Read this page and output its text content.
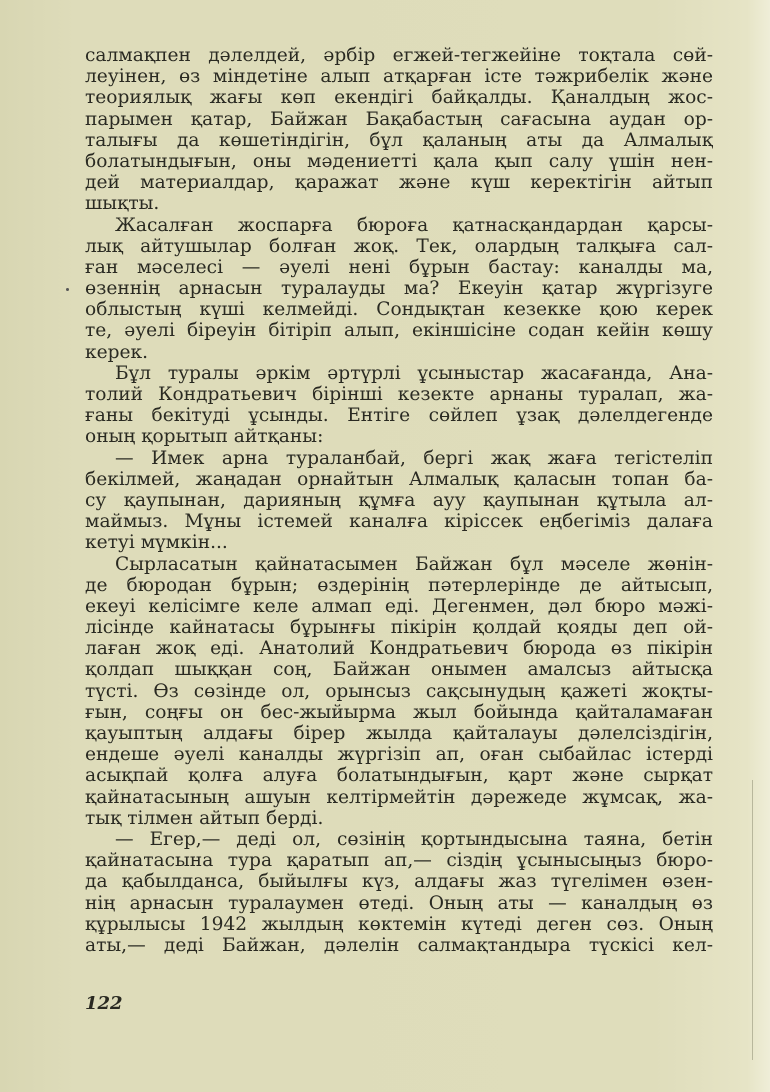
салмақпен дәлелдей, әрбір егжей-тегжейіне тоқтала сөй-
леуінен, өз міндетіне алып атқарған істе тәжрибелік және
теориялық жағы көп екендігі байқалды. Қаналдың жос-
парымен қатар, Байжан Бақабастың сағасына аудан ор-
талығы да көшетіндігін, бұл қаланың аты да Алмалық
болатындығын, оны мәдениетті қала қып салу үшін нен-
дей материалдар, қаражат және күш керектігін айтып
шықты.
Жасалған жоспарға бюроға қатнасқандардан қарсы-
лық айтушылар болған жоқ. Тек, олардың талқыға сал-
ған мәселесі — әуелі нені бұрын бастау: каналды ма,
өзеннің арнасын туралауды ма? Екеуін қатар жүргізуге
облыстың күші келмейді. Сондықтан кезекке қою керек
те, әуелі біреуін бітіріп алып, екіншісіне содан кейін көшу
керек.
Бұл туралы әркім әртүрлі ұсыныстар жасағанда, Ана-
толий Кондратьевич бірінші кезекте арнаны туралап, жа-
ғаны бекітуді ұсынды. Ентіге сөйлеп ұзақ дәлелдегенде
оның қорытып айтқаны:
— Имек арна тураланбай, бергі жақ жаға тегістеліп
бекілмей, жаңадан орнайтын Алмалық қаласын топан ба-
су қаупынан, дарияның құмға ауу қаупынан құтыла ал-
маймыз. Мұны істемей каналға кіріссек еңбегіміз далаға
кетуі мүмкін...
Сырласатын қайнатасымен Байжан бұл мәселе жөнін-
де бюродан бұрын; өздерінің пәтерлерінде де айтысып,
екеуі келісімге келе алмап еді. Дегенмен, дәл бюро мәжі-
лісінде кайнатасы бұрынғы пікірін қолдай қояды деп ой-
лаған жоқ еді. Анатолий Кондратьевич бюрода өз пікірін
қолдап шыққан соң, Байжан онымен амалсыз айтысқа
түсті. Өз сөзінде ол, орынсыз сақсынудың қажеті жоқты-
ғын, соңғы он бес-жыйырма жыл бойында қайталамаған
қауыптың алдағы бірер жылда қайталауы дәлелсіздігін,
ендеше әуелі каналды жүргізіп ап, оған сыбайлас істерді
асықпай қолға алуға болатындығын, қарт және сырқат
қайнатасының ашуын келтірмейтін дәрежеде жұмсақ, жа-
тық тілмен айтып берді.
— Егер,— деді ол, сөзінің қортындысына таяна, бетін
қайнатасына тура қаратып ап,— сіздің ұсынысыңыз бюро-
да қабылданса, быйылғы күз, алдағы жаз түгелімен өзен-
нің арнасын туралаумен өтеді. Оның аты — каналдың өз
құрылысы 1942 жылдың көктемін күтеді деген сөз. Оның
аты,— деді Байжан, дәлелін салмақтандыра түскісі кел-
122
